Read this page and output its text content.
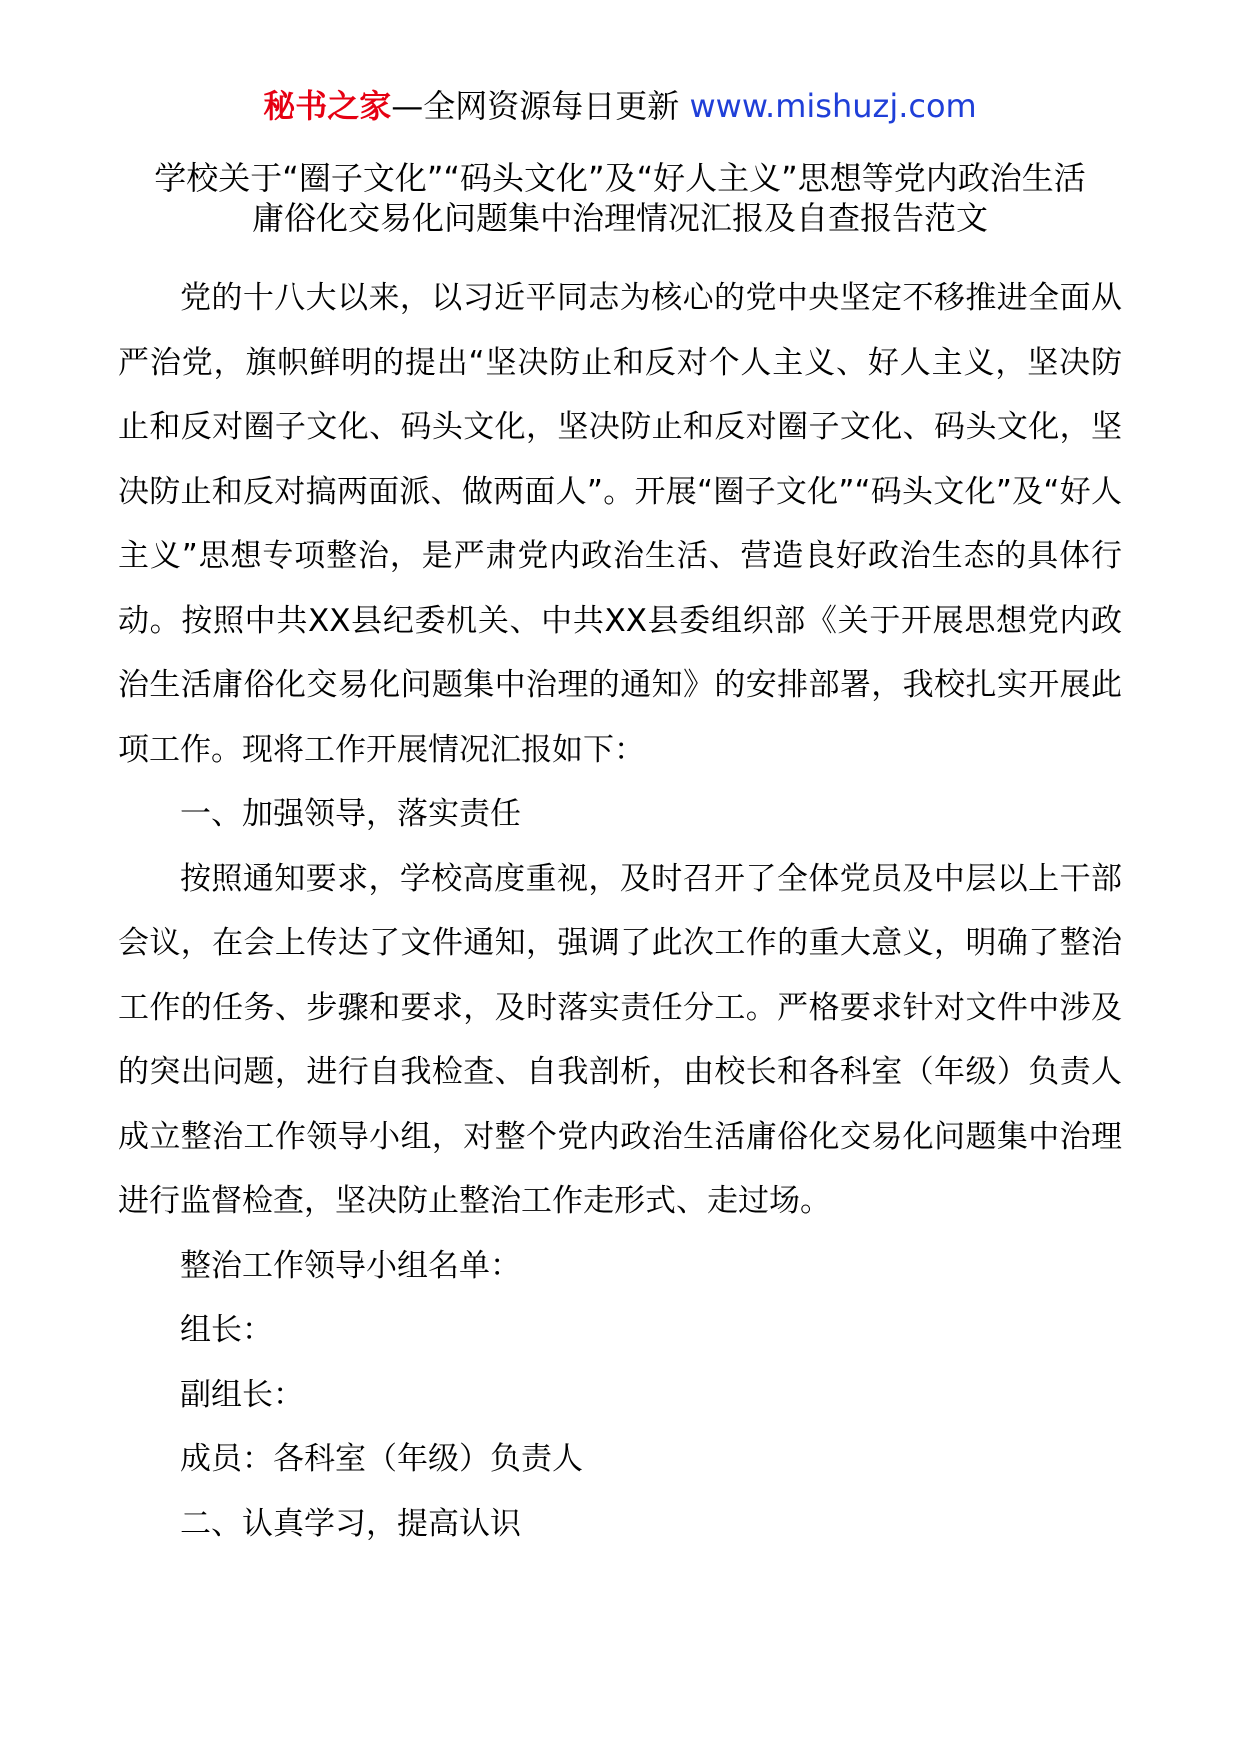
秘书之家—全网资源每日更新 www.mishuzj.com
学校关于“圈子文化”“码头文化”及“好人主义”思想等党内政治生活
庸俗化交易化问题集中治理情况汇报及自查报告范文

党的十八大以来，以习近平同志为核心的党中央坚定不移推进全面从严治党，旗帜鲜明的提出“坚决防止和反对个人主义、好人主义，坚决防止和反对圈子文化、码头文化，坚决防止和反对圈子文化、码头文化，坚决防止和反对搞两面派、做两面人”。开展“圈子文化”“码头文化”及“好人主义”思想专项整治，是严肃党内政治生活、营造良好政治生态的具体行动。按照中共XX县纪委机关、中共XX县委组织部《关于开展思想党内政治生活庸俗化交易化问题集中治理的通知》的安排部署，我校扎实开展此项工作。现将工作开展情况汇报如下：

一、加强领导，落实责任

按照通知要求，学校高度重视，及时召开了全体党员及中层以上干部会议，在会上传达了文件通知，强调了此次工作的重大意义，明确了整治工作的任务、步骤和要求，及时落实责任分工。严格要求针对文件中涉及的突出问题，进行自我检查、自我剖析，由校长和各科室（年级）负责人成立整治工作领导小组，对整个党内政治生活庸俗化交易化问题集中治理进行监督检查，坚决防止整治工作走形式、走过场。

整治工作领导小组名单：

组长：

副组长：

成员：各科室（年级）负责人

二、认真学习，提高认识
